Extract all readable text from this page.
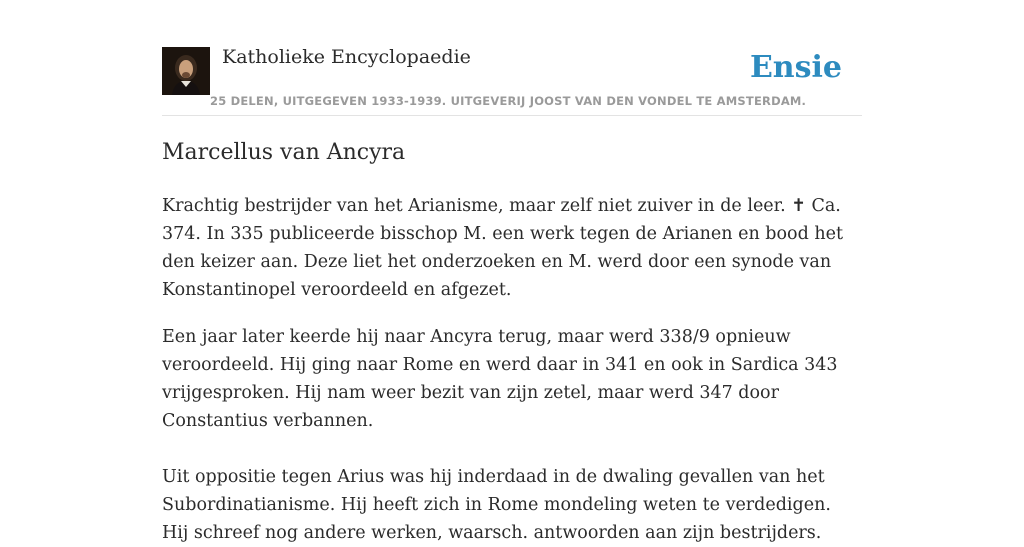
Katholieke Encyclopaedie	Ensie
25 DELEN, UITGEGEVEN 1933-1939. UITGEVERIJ JOOST VAN DEN VONDEL TE AMSTERDAM.
Marcellus van Ancyra

Krachtig bestrijder van het Arianisme, maar zelf niet zuiver in de leer. ✝ Ca. 374. In 335 publiceerde bisschop M. een werk tegen de Arianen en bood het den keizer aan. Deze liet het onderzoeken en M. werd door een synode van Konstantinopel veroordeeld en afgezet.

Een jaar later keerde hij naar Ancyra terug, maar werd 338/9 opnieuw veroordeeld. Hij ging naar Rome en werd daar in 341 en ook in Sardica 343 vrijgesproken. Hij nam weer bezit van zijn zetel, maar werd 347 door Constantius verbannen.

Uit oppositie tegen Arius was hij inderdaad in de dwaling gevallen van het Subordinatianisme. Hij heeft zich in Rome mondeling weten te verdedigen. Hij schreef nog andere werken, waarsch. antwoorden aan zijn bestrijders.
